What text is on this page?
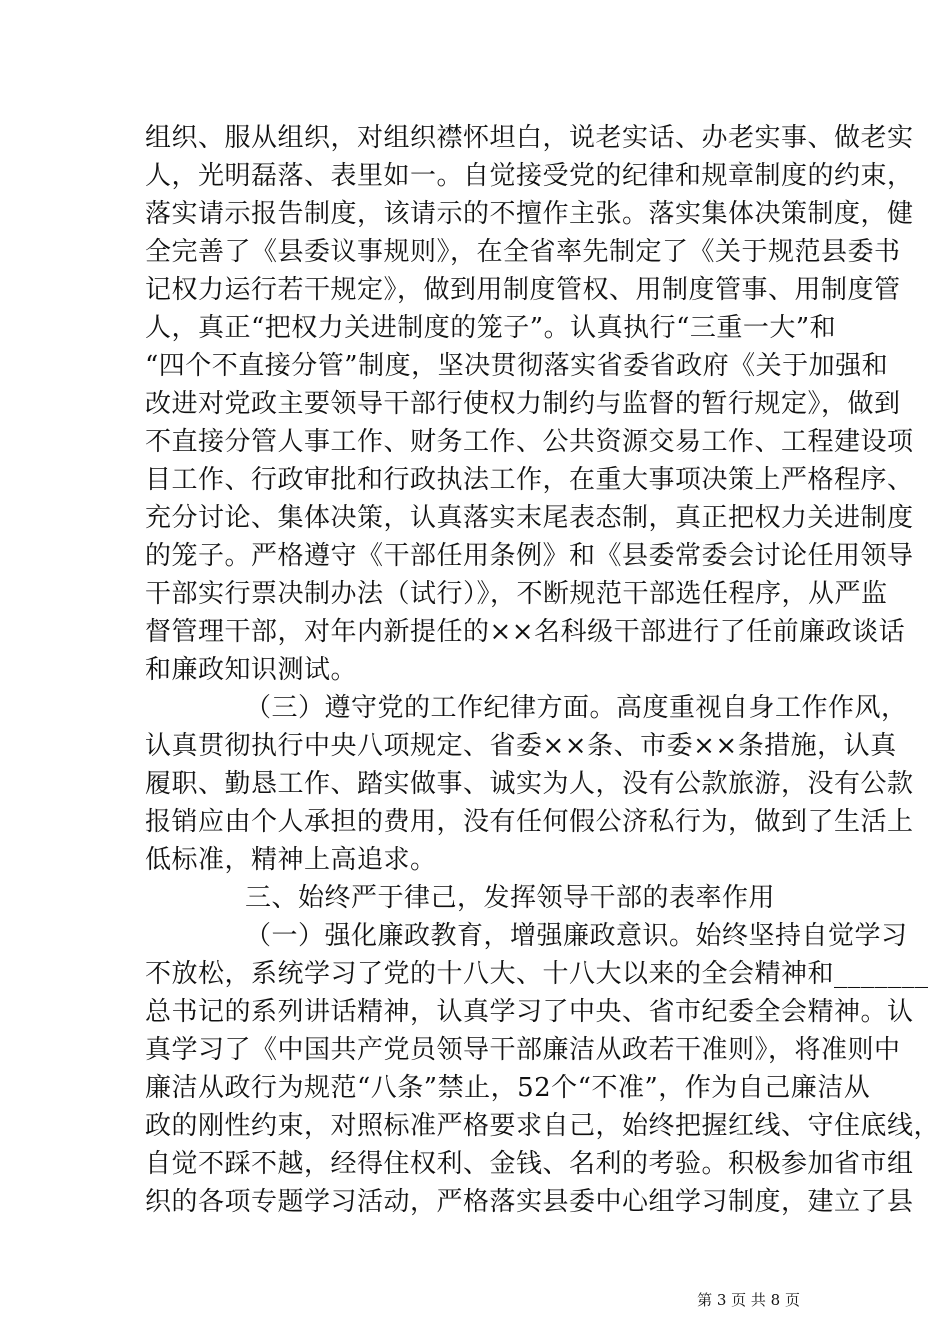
组织、服从组织，对组织襟怀坦白，说老实话、办老实事、做老实
人，光明磊落、表里如一。自觉接受党的纪律和规章制度的约束，
落实请示报告制度，该请示的不擅作主张。落实集体决策制度，健
全完善了《县委议事规则》，在全省率先制定了《关于规范县委书
记权力运行若干规定》，做到用制度管权、用制度管事、用制度管
人，真正“把权力关进制度的笼子”。认真执行“三重一大”和
“四个不直接分管”制度，坚决贯彻落实省委省政府《关于加强和
改进对党政主要领导干部行使权力制约与监督的暂行规定》，做到
不直接分管人事工作、财务工作、公共资源交易工作、工程建设项
目工作、行政审批和行政执法工作，在重大事项决策上严格程序、
充分讨论、集体决策，认真落实末尾表态制，真正把权力关进制度
的笼子。严格遵守《干部任用条例》和《县委常委会讨论任用领导
干部实行票决制办法（试行）》，不断规范干部选任程序，从严监
督管理干部，对年内新提任的××名科级干部进行了任前廉政谈话
和廉政知识测试。
（三）遵守党的工作纪律方面。高度重视自身工作作风，
认真贯彻执行中央八项规定、省委××条、市委××条措施，认真
履职、勤恳工作、踏实做事、诚实为人，没有公款旅游，没有公款
报销应由个人承担的费用，没有任何假公济私行为，做到了生活上
低标准，精神上高追求。
三、始终严于律己，发挥领导干部的表率作用
（一）强化廉政教育，增强廉政意识。始终坚持自觉学习
不放松，系统学习了党的十八大、十八大以来的全会精神和_______
总书记的系列讲话精神，认真学习了中央、省市纪委全会精神。认
真学习了《中国共产党员领导干部廉洁从政若干准则》，将准则中
廉洁从政行为规范“八条”禁止，52个“不准”，作为自己廉洁从
政的刚性约束，对照标准严格要求自己，始终把握红线、守住底线，
自觉不踩不越，经得住权利、金钱、名利的考验。积极参加省市组
织的各项专题学习活动，严格落实县委中心组学习制度，建立了县
第 3 页 共 8 页
